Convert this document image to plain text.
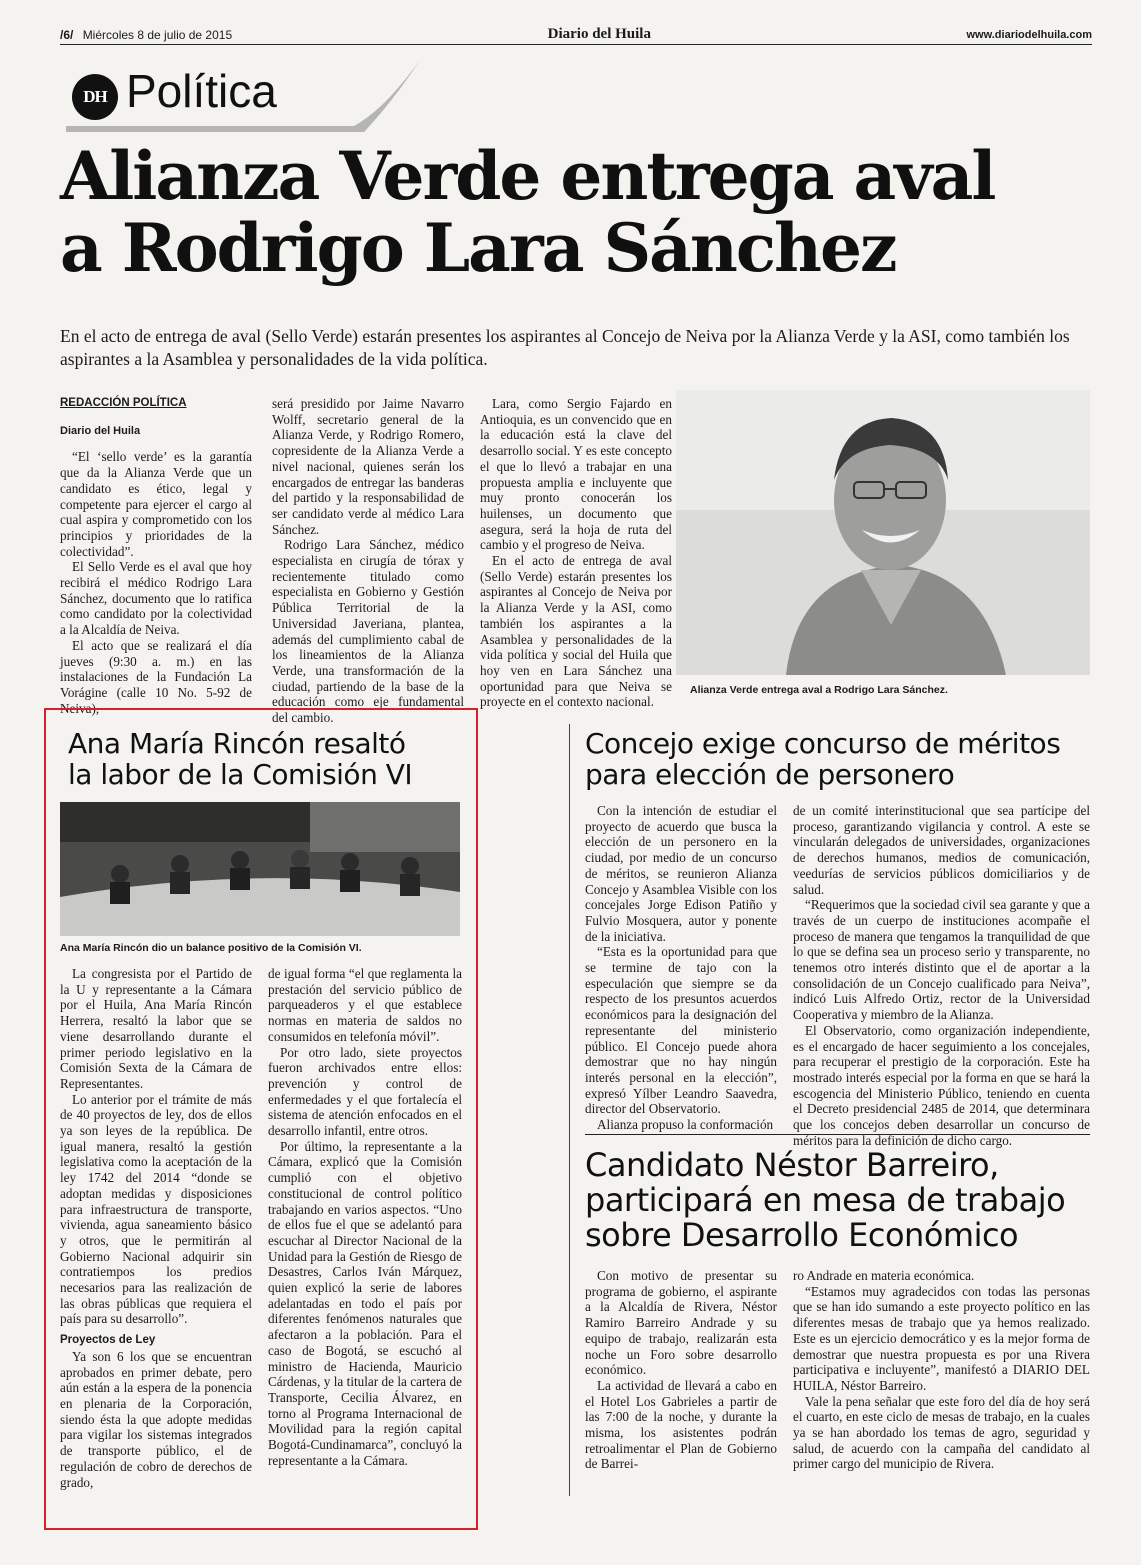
/6/ Miércoles 8 de julio de 2015	Diario del Huila	www.diariodelhuila.com
DH Política
Alianza Verde entrega aval
a Rodrigo Lara Sánchez
En el acto de entrega de aval (Sello Verde) estarán presentes los aspirantes al Concejo de Neiva por la Alianza Verde y la ASI, como también los aspirantes a la Asamblea y personalidades de la vida política.
REDACCIÓN POLÍTICA
Diario del Huila

“El ‘sello verde’ es la garantía que da la Alianza Verde que un candidato es ético, legal y competente para ejercer el cargo al cual aspira y comprometido con los principios y prioridades de la colectividad”.

El Sello Verde es el aval que hoy recibirá el médico Rodrigo Lara Sánchez, documento que lo ratifica como candidato por la colectividad a la Alcaldía de Neiva.

El acto que se realizará el día jueves (9:30 a. m.) en las instalaciones de la Fundación La Vorágine (calle 10 No. 5-92 de Neiva),

será presidido por Jaime Navarro Wolff, secretario general de la Alianza Verde, y Rodrigo Romero, copresidente de la Alianza Verde a nivel nacional, quienes serán los encargados de entregar las banderas del partido y la responsabilidad de ser candidato verde al médico Lara Sánchez.

Rodrigo Lara Sánchez, médico especialista en cirugía de tórax y recientemente titulado como especialista en Gobierno y Gestión Pública Territorial de la Universidad Javeriana, plantea, además del cumplimiento cabal de los lineamientos de la Alianza Verde, una transformación de la ciudad, partiendo de la base de la educación como eje fundamental del cambio.

Lara, como Sergio Fajardo en Antioquia, es un convencido que en la educación está la clave del desarrollo social. Y es este concepto el que lo llevó a trabajar en una propuesta amplia e incluyente que muy pronto conocerán los huilenses, un documento que asegura, será la hoja de ruta del cambio y el progreso de Neiva.

En el acto de entrega de aval (Sello Verde) estarán presentes los aspirantes al Concejo de Neiva por la Alianza Verde y la ASI, como también los aspirantes a la Asamblea y personalidades de la vida política y social del Huila que hoy ven en Lara Sánchez una oportunidad para que Neiva se proyecte en el contexto nacional.

Alianza Verde entrega aval a Rodrigo Lara Sánchez.
Ana María Rincón resaltó
la labor de la Comisión VI
Ana María Rincón dio un balance positivo de la Comisión VI.

La congresista por el Partido de la U y representante a la Cámara por el Huila, Ana María Rincón Herrera, resaltó la labor que se viene desarrollando durante el primer periodo legislativo en la Comisión Sexta de la Cámara de Representantes.

Lo anterior por el trámite de más de 40 proyectos de ley, dos de ellos ya son leyes de la república. De igual manera, resaltó la gestión legislativa como la aceptación de la ley 1742 del 2014 “donde se adoptan medidas y disposiciones para infraestructura de transporte, vivienda, agua saneamiento básico y otros, que le permitirán al Gobierno Nacional adquirir sin contratiempos los predios necesarios para las realización de las obras públicas que requiera el país para su desarrollo”.

Proyectos de Ley

Ya son 6 los que se encuentran aprobados en primer debate, pero aún están a la espera de la ponencia en plenaria de la Corporación, siendo ésta la que adopte medidas para vigilar los sistemas integrados de transporte público, el de regulación de cobro de derechos de grado,

de igual forma “el que reglamenta la prestación del servicio público de parqueaderos y el que establece normas en materia de saldos no consumidos en telefonía móvil”.

Por otro lado, siete proyectos fueron archivados entre ellos: prevención y control de enfermedades y el que fortalecía el sistema de atención enfocados en el desarrollo infantil, entre otros.

Por último, la representante a la Cámara, explicó que la Comisión cumplió con el objetivo constitucional de control político trabajando en varios aspectos. “Uno de ellos fue el que se adelantó para escuchar al Director Nacional de la Unidad para la Gestión de Riesgo de Desastres, Carlos Iván Márquez, quien explicó la serie de labores adelantadas en todo el país por diferentes fenómenos naturales que afectaron a la población. Para el caso de Bogotá, se escuchó al ministro de Hacienda, Mauricio Cárdenas, y la titular de la cartera de Transporte, Cecilia Álvarez, en torno al Programa Internacional de Movilidad para la región capital Bogotá-Cundinamarca”, concluyó la representante a la Cámara.

Concejo exige concurso de méritos
para elección de personero

Con la intención de estudiar el proyecto de acuerdo que busca la elección de un personero en la ciudad, por medio de un concurso de méritos, se reunieron Alianza Concejo y Asamblea Visible con los concejales Jorge Edison Patiño y Fulvio Mosquera, autor y ponente de la iniciativa.

“Esta es la oportunidad para que se termine de tajo con la especulación que siempre se da respecto de los presuntos acuerdos económicos para la designación del representante del ministerio público. El Concejo puede ahora demostrar que no hay ningún interés personal en la elección”, expresó Yílber Leandro Saavedra, director del Observatorio.

Alianza propuso la conformación

de un comité interinstitucional que sea partícipe del proceso, garantizando vigilancia y control. A este se vincularán delegados de universidades, organizaciones de derechos humanos, medios de comunicación, veedurías de servicios públicos domiciliarios y de salud.

“Requerimos que la sociedad civil sea garante y que a través de un cuerpo de instituciones acompañe el proceso de manera que tengamos la tranquilidad de que lo que se defina sea un proceso serio y transparente, no tenemos otro interés distinto que el de aportar a la consolidación de un Concejo cualificado para Neiva”, indicó Luis Alfredo Ortiz, rector de la Universidad Cooperativa y miembro de la Alianza.

El Observatorio, como organización independiente, es el encargado de hacer seguimiento a los concejales, para recuperar el prestigio de la corporación. Este ha mostrado interés especial por la forma en que se hará la escogencia del Ministerio Público, teniendo en cuenta el Decreto presidencial 2485 de 2014, que determinara que los concejos deben desarrollar un concurso de méritos para la definición de dicho cargo.

Candidato Néstor Barreiro,
participará en mesa de trabajo
sobre Desarrollo Económico

Con motivo de presentar su programa de gobierno, el aspirante a la Alcaldía de Rivera, Néstor Ramiro Barreiro Andrade y su equipo de trabajo, realizarán esta noche un Foro sobre desarrollo económico.

La actividad de llevará a cabo en el Hotel Los Gabrieles a partir de las 7:00 de la noche, y durante la misma, los asistentes podrán retroalimentar el Plan de Gobierno de Barrei-

ro Andrade en materia económica.

“Estamos muy agradecidos con todas las personas que se han ido sumando a este proyecto político en las diferentes mesas de trabajo que ya hemos realizado. Este es un ejercicio democrático y es la mejor forma de demostrar que nuestra propuesta es por una Rivera participativa e incluyente”, manifestó a DIARIO DEL HUILA, Néstor Barreiro.

Vale la pena señalar que este foro del día de hoy será el cuarto, en este ciclo de mesas de trabajo, en la cuales ya se han abordado los temas de agro, seguridad y salud, de acuerdo con la campaña del candidato al primer cargo del municipio de Rivera.
